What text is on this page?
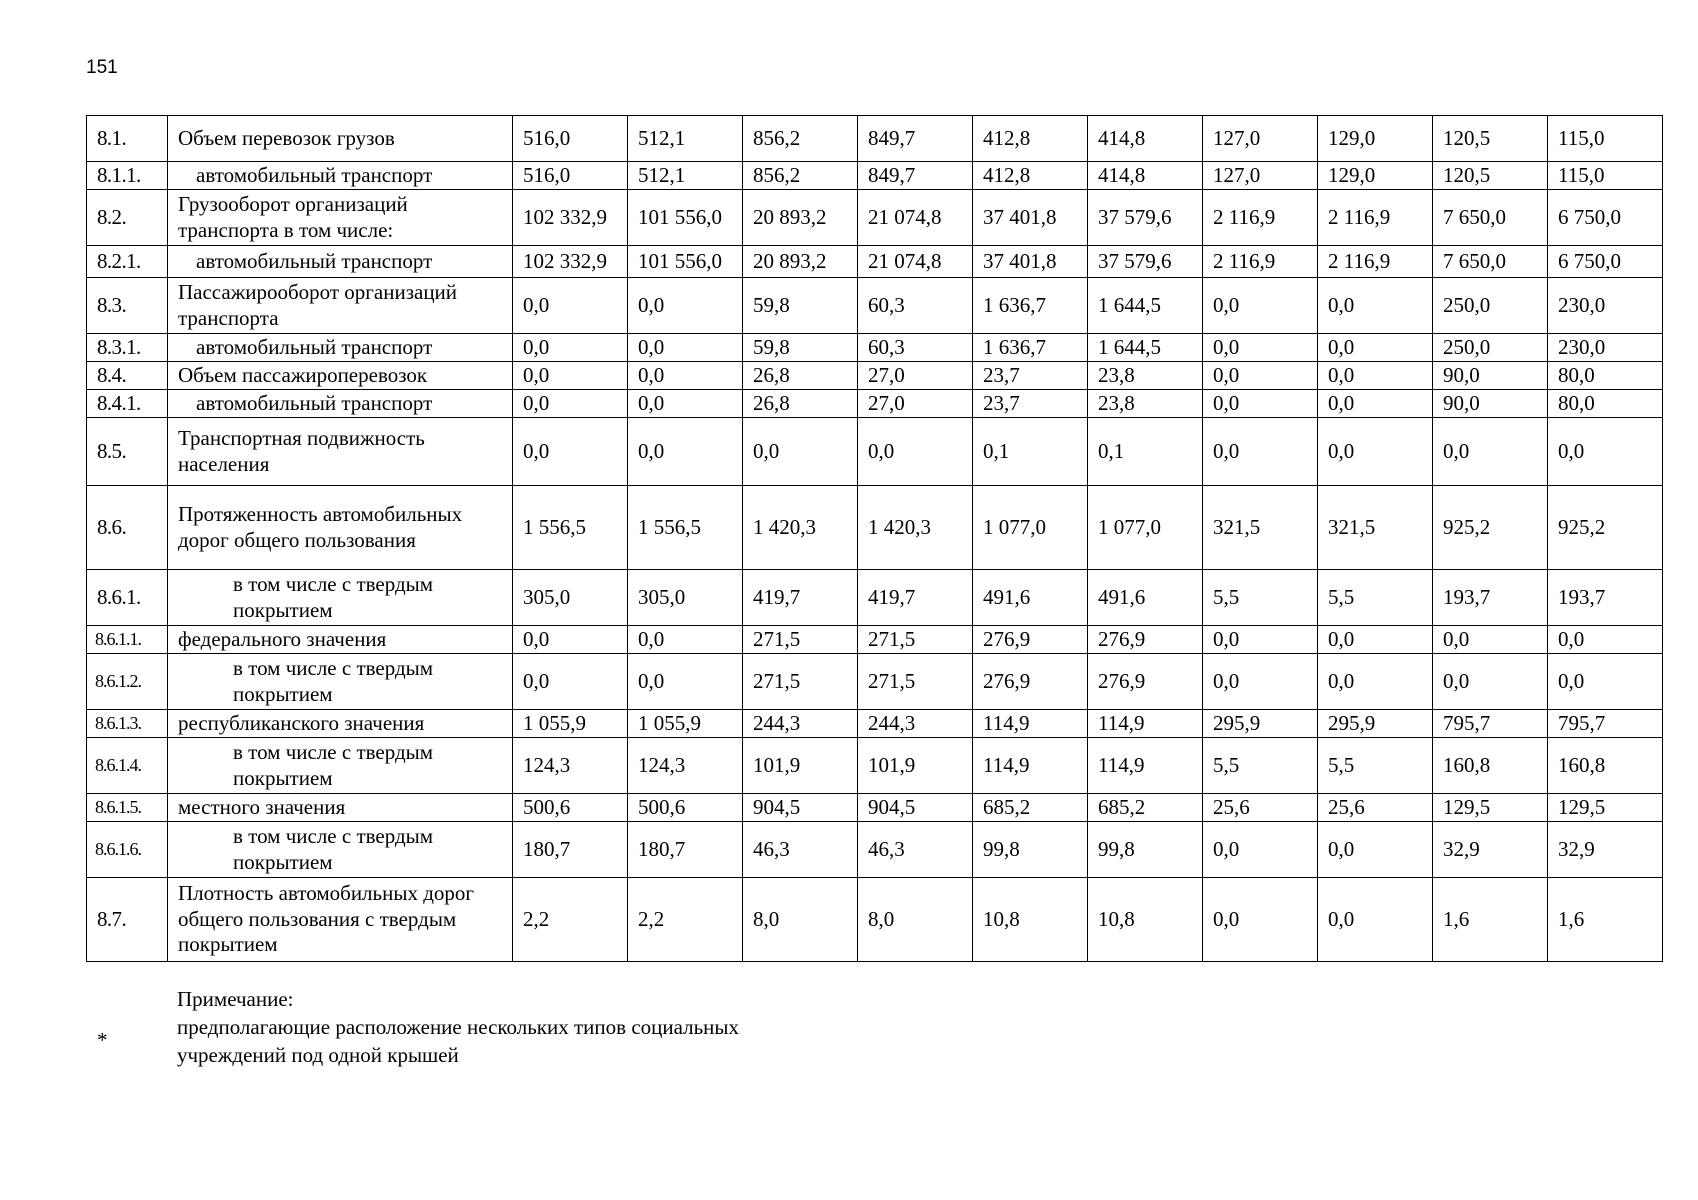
151
8.1.	Объем перевозок грузов	516,0	512,1	856,2	849,7	412,8	414,8	127,0	129,0	120,5	115,0
8.1.1.	автомобильный транспорт	516,0	512,1	856,2	849,7	412,8	414,8	127,0	129,0	120,5	115,0
8.2.	Грузооборот организаций транспорта в том числе:	102 332,9	101 556,0	20 893,2	21 074,8	37 401,8	37 579,6	2 116,9	2 116,9	7 650,0	6 750,0
8.2.1.	автомобильный транспорт	102 332,9	101 556,0	20 893,2	21 074,8	37 401,8	37 579,6	2 116,9	2 116,9	7 650,0	6 750,0
8.3.	Пассажирооборот организаций транспорта	0,0	0,0	59,8	60,3	1 636,7	1 644,5	0,0	0,0	250,0	230,0
8.3.1.	автомобильный транспорт	0,0	0,0	59,8	60,3	1 636,7	1 644,5	0,0	0,0	250,0	230,0
8.4.	Объем пассажироперевозок	0,0	0,0	26,8	27,0	23,7	23,8	0,0	0,0	90,0	80,0
8.4.1.	автомобильный транспорт	0,0	0,0	26,8	27,0	23,7	23,8	0,0	0,0	90,0	80,0
8.5.	Транспортная подвижность населения	0,0	0,0	0,0	0,0	0,1	0,1	0,0	0,0	0,0	0,0
8.6.	Протяженность автомобильных дорог общего пользования	1 556,5	1 556,5	1 420,3	1 420,3	1 077,0	1 077,0	321,5	321,5	925,2	925,2
8.6.1.	в том числе с твердым покрытием	305,0	305,0	419,7	419,7	491,6	491,6	5,5	5,5	193,7	193,7
8.6.1.1.	федерального значения	0,0	0,0	271,5	271,5	276,9	276,9	0,0	0,0	0,0	0,0
8.6.1.2.	в том числе с твердым покрытием	0,0	0,0	271,5	271,5	276,9	276,9	0,0	0,0	0,0	0,0
8.6.1.3.	республиканского значения	1 055,9	1 055,9	244,3	244,3	114,9	114,9	295,9	295,9	795,7	795,7
8.6.1.4.	в том числе с твердым покрытием	124,3	124,3	101,9	101,9	114,9	114,9	5,5	5,5	160,8	160,8
8.6.1.5.	местного значения	500,6	500,6	904,5	904,5	685,2	685,2	25,6	25,6	129,5	129,5
8.6.1.6.	в том числе с твердым покрытием	180,7	180,7	46,3	46,3	99,8	99,8	0,0	0,0	32,9	32,9
8.7.	Плотность автомобильных дорог общего пользования с твердым покрытием	2,2	2,2	8,0	8,0	10,8	10,8	0,0	0,0	1,6	1,6
Примечание:
предполагающие расположение нескольких типов социальных
учреждений под одной крышей
*
